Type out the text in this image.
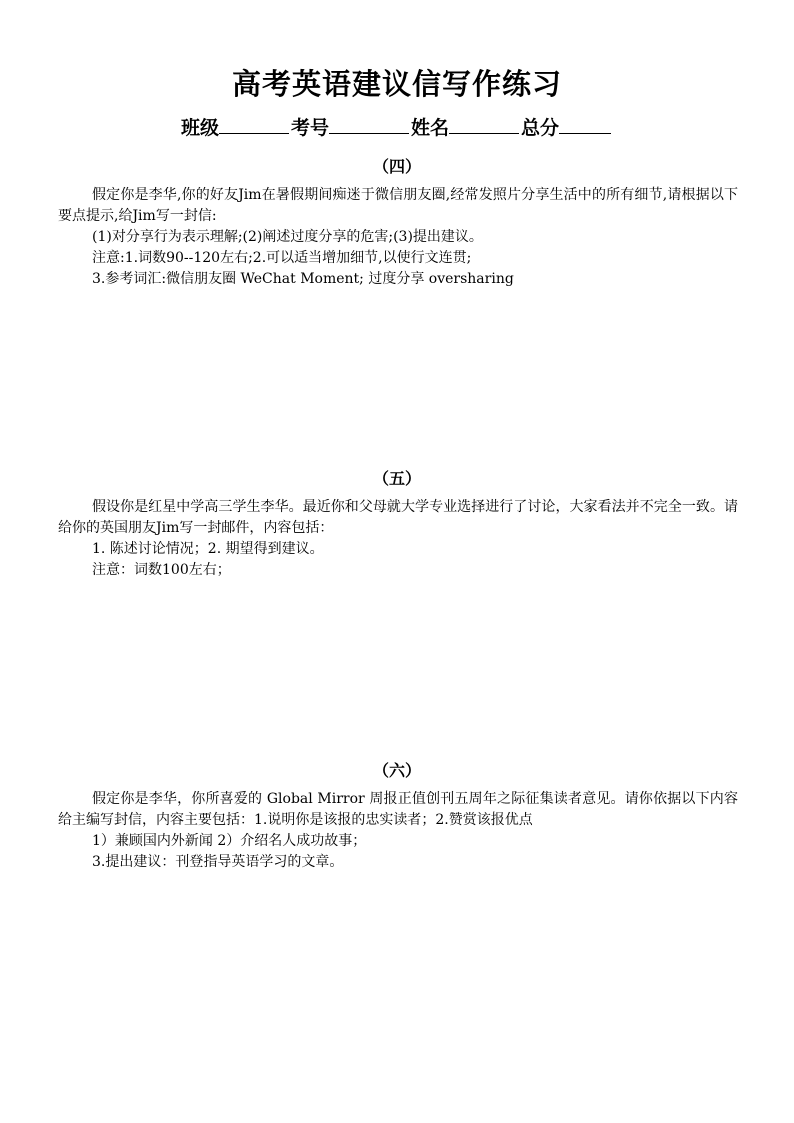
高考英语建议信写作练习
班级	考号	姓名	总分
（四）

假定你是李华,你的好友Jim在暑假期间痴迷于微信朋友圈,经常发照片分享生活中的所有细节,请根据以下要点提示,给Jim写一封信:

(1)对分享行为表示理解;(2)阐述过度分享的危害;(3)提出建议。

注意:1.词数90--120左右;2.可以适当增加细节,以使行文连贯;

3.参考词汇:微信朋友圈 WeChat Moment; 过度分享 oversharing

（五）

假设你是红星中学高三学生李华。最近你和父母就大学专业选择进行了讨论，大家看法并不完全一致。请给你的英国朋友Jim写一封邮件，内容包括：

1. 陈述讨论情况；2. 期望得到建议。

注意：词数100左右；

（六）

假定你是李华，你所喜爱的 Global Mirror 周报正值创刊五周年之际征集读者意见。请你依据以下内容给主编写封信，内容主要包括：1.说明你是该报的忠实读者；2.赞赏该报优点

1）兼顾国内外新闻 2）介绍名人成功故事；

3.提出建议：刊登指导英语学习的文章。
